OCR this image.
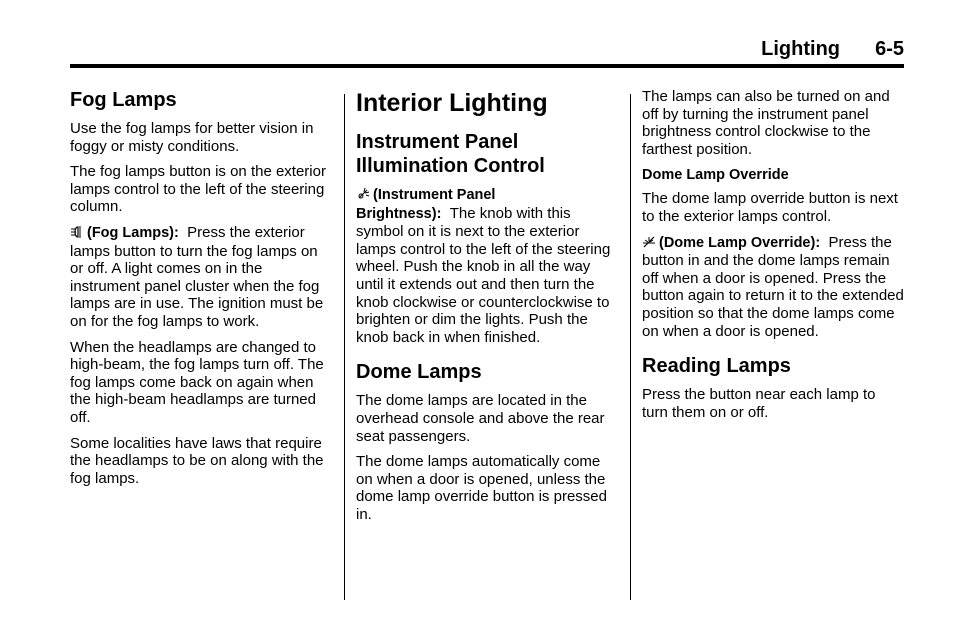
Lighting 6-5
Fog Lamps

Use the fog lamps for better vision in foggy or misty conditions.

The fog lamps button is on the exterior lamps control to the left of the steering column.

(Fog Lamps): Press the exterior lamps button to turn the fog lamps on or off. A light comes on in the instrument panel cluster when the fog lamps are in use. The ignition must be on for the fog lamps to work.

When the headlamps are changed to high-beam, the fog lamps turn off. The fog lamps come back on again when the high-beam headlamps are turned off.

Some localities have laws that require the headlamps to be on along with the fog lamps.

Interior Lighting
Instrument Panel Illumination Control

(Instrument Panel Brightness): The knob with this symbol on it is next to the exterior lamps control to the left of the steering wheel. Push the knob in all the way until it extends out and then turn the knob clockwise or counterclockwise to brighten or dim the lights. Push the knob back in when finished.

Dome Lamps

The dome lamps are located in the overhead console and above the rear seat passengers.

The dome lamps automatically come on when a door is opened, unless the dome lamp override button is pressed in.

The lamps can also be turned on and off by turning the instrument panel brightness control clockwise to the farthest position.

Dome Lamp Override

The dome lamp override button is next to the exterior lamps control.

(Dome Lamp Override): Press the button in and the dome lamps remain off when a door is opened. Press the button again to return it to the extended position so that the dome lamps come on when a door is opened.

Reading Lamps

Press the button near each lamp to turn them on or off.
